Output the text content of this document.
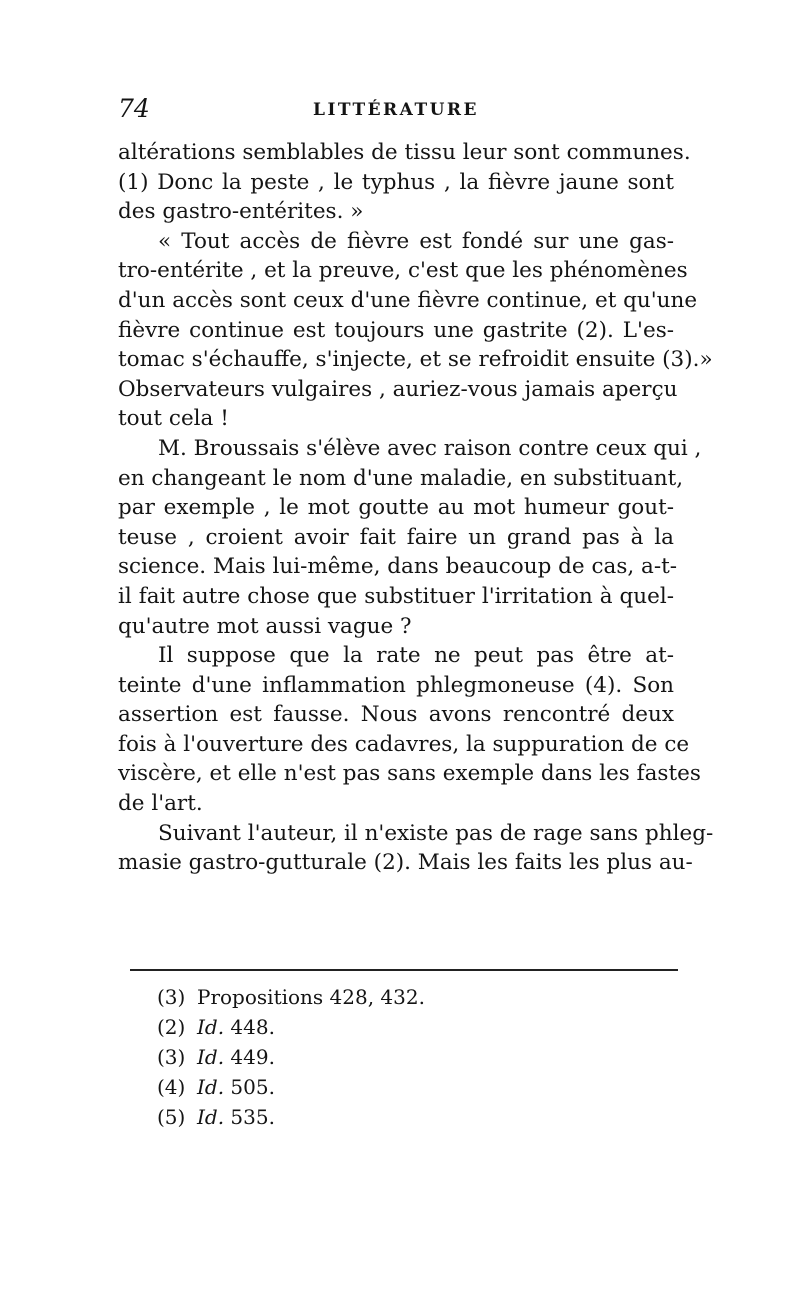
74	LITTÉRATURE
altérations semblables de tissu leur sont communes.
(1) Donc la peste , le typhus , la fièvre jaune sont
des gastro-entérites. »
« Tout accès de fièvre est fondé sur une gas-
tro-entérite , et la preuve, c'est que les phénomènes
d'un accès sont ceux d'une fièvre continue, et qu'une
fièvre continue est toujours une gastrite (2). L'es-
tomac s'échauffe, s'injecte, et se refroidit ensuite (3).»
Observateurs vulgaires , auriez-vous jamais aperçu
tout cela !
M. Broussais s'élève avec raison contre ceux qui ,
en changeant le nom d'une maladie, en substituant,
par exemple , le mot goutte au mot humeur gout-
teuse , croient avoir fait faire un grand pas à la
science. Mais lui-même, dans beaucoup de cas, a-t-
il fait autre chose que substituer l'irritation à quel-
qu'autre mot aussi vague ?
Il suppose que la rate ne peut pas être at-
teinte d'une inflammation phlegmoneuse (4). Son
assertion est fausse. Nous avons rencontré deux
fois à l'ouverture des cadavres, la suppuration de ce
viscère, et elle n'est pas sans exemple dans les fastes
de l'art.
Suivant l'auteur, il n'existe pas de rage sans phleg-
masie gastro-gutturale (2). Mais les faits les plus au-
(3) Propositions 428, 432.
(2) Id. 448.
(3) Id. 449.
(4) Id. 505.
(5) Id. 535.
